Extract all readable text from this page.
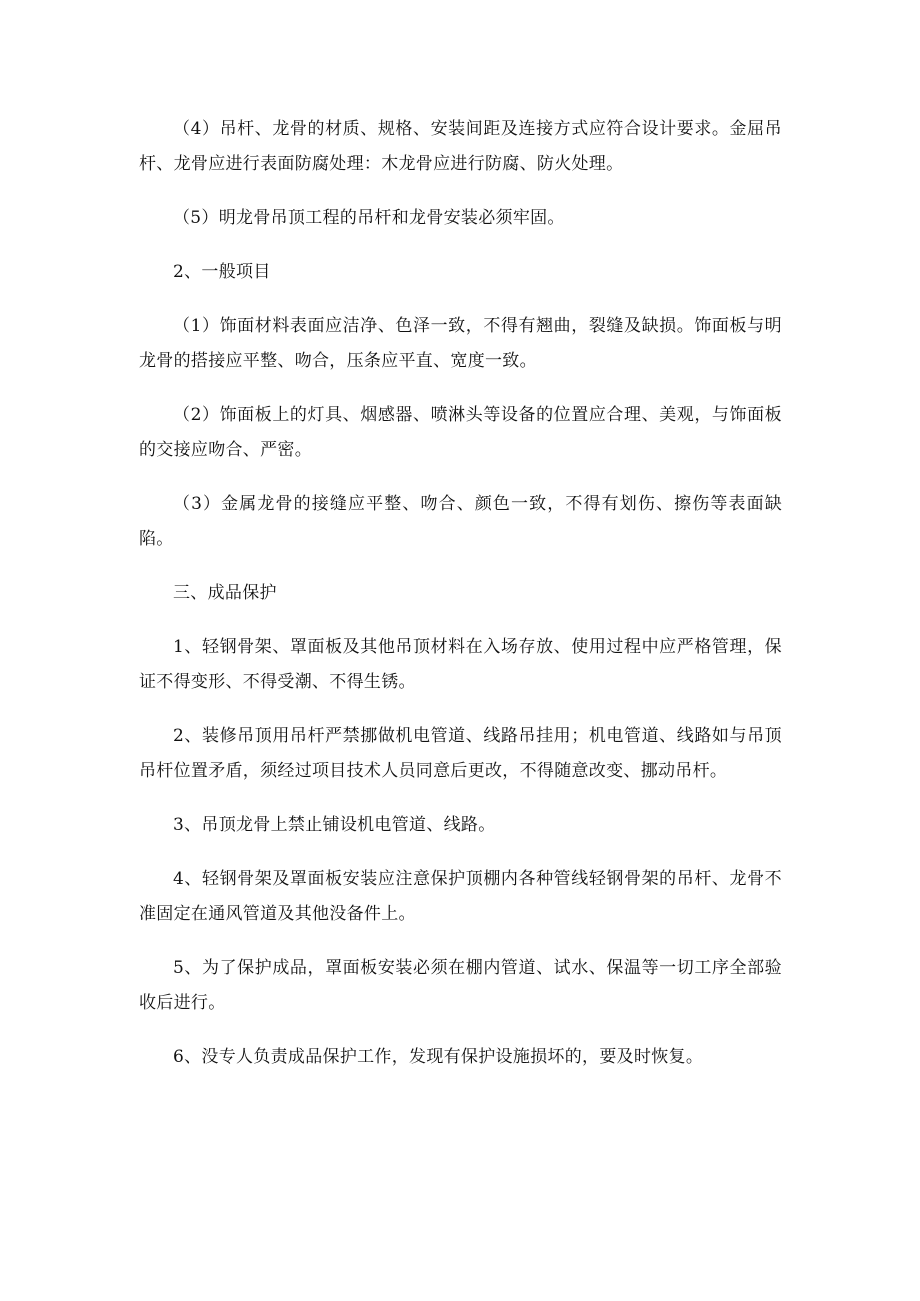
（4）吊杆、龙骨的材质、规格、安装间距及连接方式应符合设计要求。金屈吊杆、龙骨应进行表面防腐处理：木龙骨应进行防腐、防火处理。

（5）明龙骨吊顶工程的吊杆和龙骨安装必须牢固。

2、一般项目

（1）饰面材料表面应洁净、色泽一致，不得有翘曲，裂缝及缺损。饰面板与明龙骨的搭接应平整、吻合，压条应平直、宽度一致。

（2）饰面板上的灯具、烟感器、喷淋头等设备的位置应合理、美观，与饰面板的交接应吻合、严密。

（3）金属龙骨的接缝应平整、吻合、颜色一致，不得有划伤、擦伤等表面缺陷。

三、成品保护

1、轻钢骨架、罩面板及其他吊顶材料在入场存放、使用过程中应严格管理，保证不得变形、不得受潮、不得生锈。

2、装修吊顶用吊杆严禁挪做机电管道、线路吊挂用；机电管道、线路如与吊顶吊杆位置矛盾，须经过项目技术人员同意后更改，不得随意改变、挪动吊杆。

3、吊顶龙骨上禁止铺设机电管道、线路。

4、轻钢骨架及罩面板安装应注意保护顶棚内各种管线轻钢骨架的吊杆、龙骨不准固定在通风管道及其他没备件上。

5、为了保护成品，罩面板安装必须在棚内管道、试水、保温等一切工序全部验收后进行。

6、没专人负责成品保护工作，发现有保护设施损坏的，要及时恢复。
